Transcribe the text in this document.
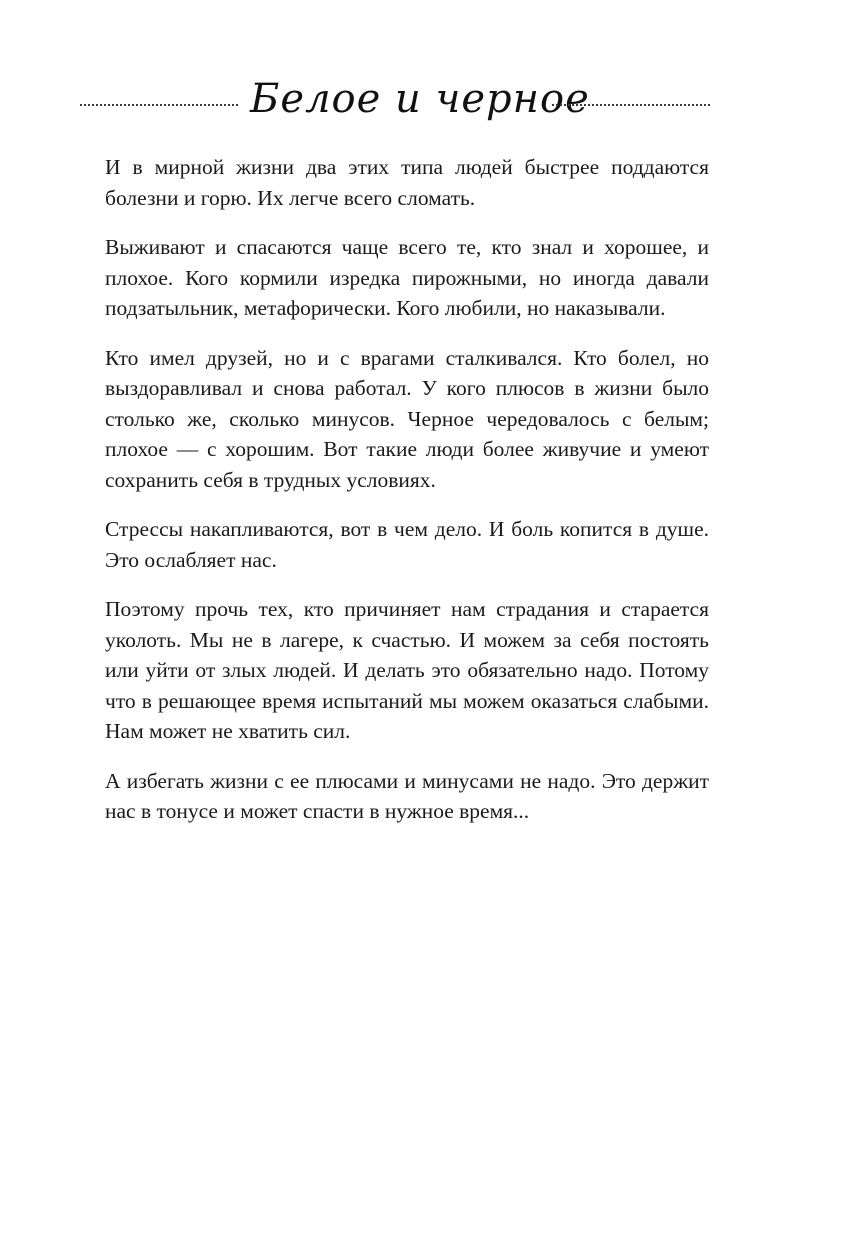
Белое и черное

И в мирной жизни два этих типа людей быстрее поддаются болезни и горю. Их легче всего сломать.

Выживают и спасаются чаще всего те, кто знал и хорошее, и плохое. Кого кормили изредка пирожными, но иногда давали подзатыльник, метафорически. Кого любили, но наказывали.

Кто имел друзей, но и с врагами сталкивался. Кто болел, но выздоравливал и снова работал. У кого плюсов в жизни было столько же, сколько минусов. Черное чередовалось с белым; плохое — с хорошим. Вот такие люди более живучие и умеют сохранить себя в трудных условиях.

Стрессы накапливаются, вот в чем дело. И боль копится в душе. Это ослабляет нас.

Поэтому прочь тех, кто причиняет нам страдания и старается уколоть. Мы не в лагере, к счастью. И можем за себя постоять или уйти от злых людей. И делать это обязательно надо. Потому что в решающее время испытаний мы можем оказаться слабыми. Нам может не хватить сил.

А избегать жизни с ее плюсами и минусами не надо. Это держит нас в тонусе и может спасти в нужное время...
